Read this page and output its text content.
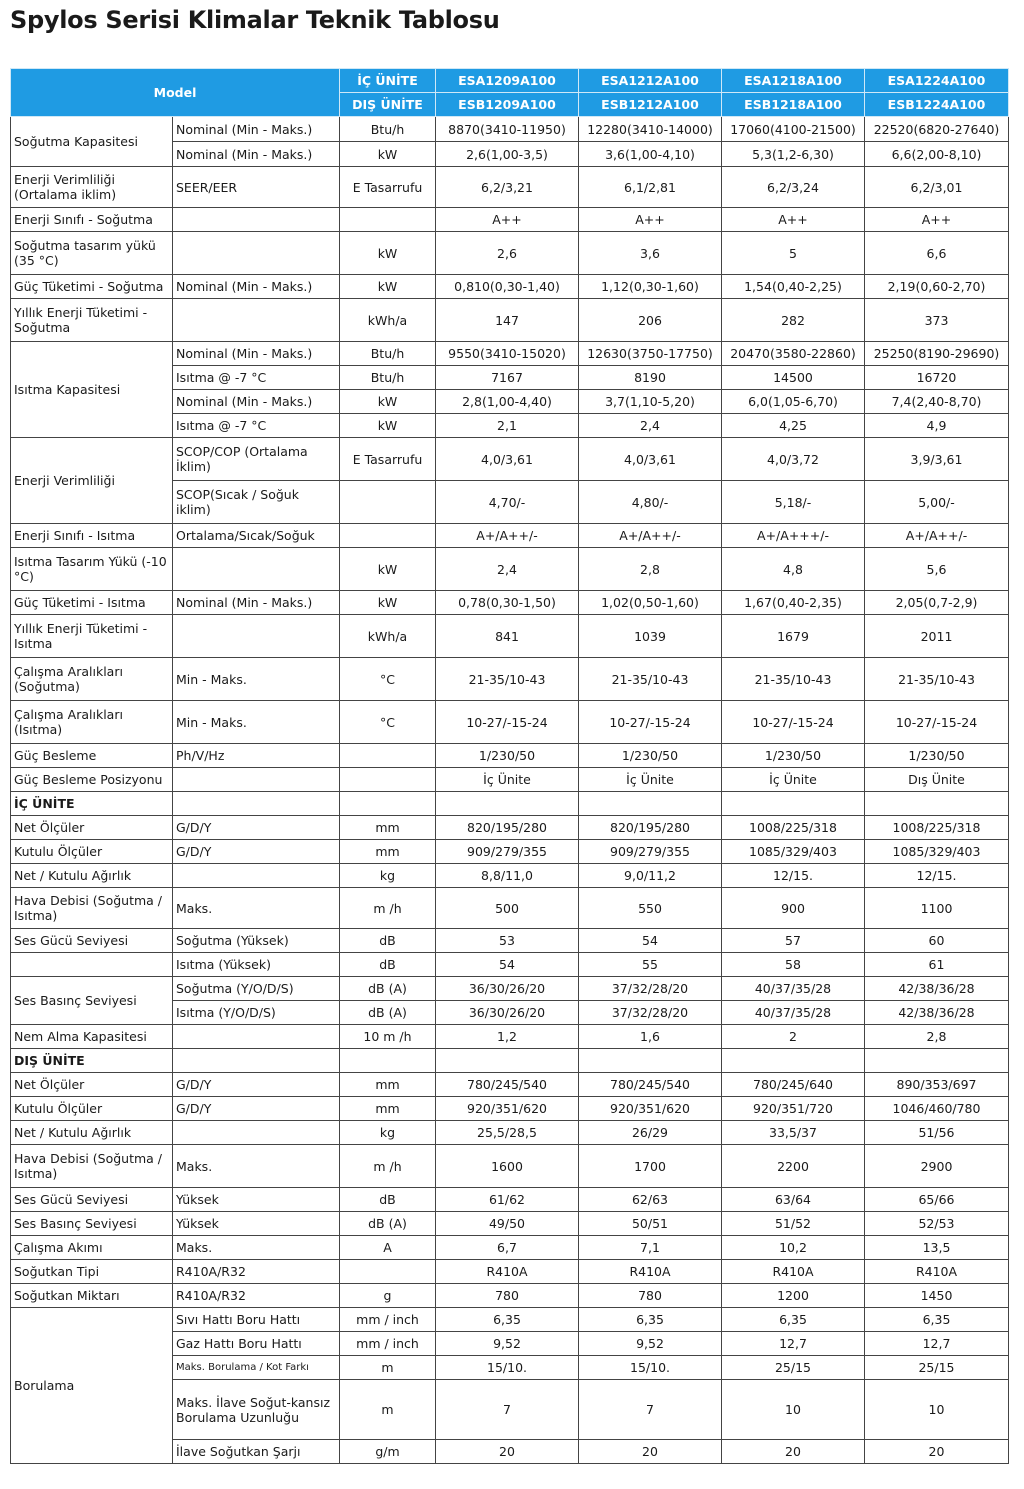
Spylos Serisi Klimalar Teknik Tablosu
Model		İÇ ÜNİTE	ESA1209A100	ESA1212A100	ESA1218A100	ESA1224A100
		DIŞ ÜNİTE	ESB1209A100	ESB1212A100	ESB1218A100	ESB1224A100
Soğutma Kapasitesi	Nominal (Min - Maks.)	Btu/h	8870(3410-11950)	12280(3410-14000)	17060(4100-21500)	22520(6820-27640)
	Nominal (Min - Maks.)	kW	2,6(1,00-3,5)	3,6(1,00-4,10)	5,3(1,2-6,30)	6,6(2,00-8,10)
Enerji Verimliliği (Ortalama iklim)	SEER/EER	E Tasarrufu	6,2/3,21	6,1/2,81	6,2/3,24	6,2/3,01
Enerji Sınıfı - Soğutma			A++	A++	A++	A++
Soğutma tasarım yükü (35 °C)		kW	2,6	3,6	5	6,6
Güç Tüketimi - Soğutma	Nominal (Min - Maks.)	kW	0,810(0,30-1,40)	1,12(0,30-1,60)	1,54(0,40-2,25)	2,19(0,60-2,70)
Yıllık Enerji Tüketimi - Soğutma		kWh/a	147	206	282	373
Isıtma Kapasitesi	Nominal (Min - Maks.)	Btu/h	9550(3410-15020)	12630(3750-17750)	20470(3580-22860)	25250(8190-29690)
	Isıtma @ -7 °C	Btu/h	7167	8190	14500	16720
	Nominal (Min - Maks.)	kW	2,8(1,00-4,40)	3,7(1,10-5,20)	6,0(1,05-6,70)	7,4(2,40-8,70)
	Isıtma @ -7 °C	kW	2,1	2,4	4,25	4,9
Enerji Verimliliği	SCOP/COP (Ortalama İklim)	E Tasarrufu	4,0/3,61	4,0/3,61	4,0/3,72	3,9/3,61
	SCOP(Sıcak / Soğuk iklim)		4,70/-	4,80/-	5,18/-	5,00/-
Enerji Sınıfı - Isıtma	Ortalama/Sıcak/Soğuk		A+/A++/-	A+/A++/-	A+/A+++/-	A+/A++/-
Isıtma Tasarım Yükü (-10 °C)		kW	2,4	2,8	4,8	5,6
Güç Tüketimi - Isıtma	Nominal (Min - Maks.)	kW	0,78(0,30-1,50)	1,02(0,50-1,60)	1,67(0,40-2,35)	2,05(0,7-2,9)
Yıllık Enerji Tüketimi - Isıtma		kWh/a	841	1039	1679	2011
Çalışma Aralıkları (Soğutma)	Min - Maks.	°C	21-35/10-43	21-35/10-43	21-35/10-43	21-35/10-43
Çalışma Aralıkları (Isıtma)	Min - Maks.	°C	10-27/-15-24	10-27/-15-24	10-27/-15-24	10-27/-15-24
Güç Besleme	Ph/V/Hz		1/230/50	1/230/50	1/230/50	1/230/50
Güç Besleme Posizyonu			İç Ünite	İç Ünite	İç Ünite	Dış Ünite
İÇ ÜNİTE						
Net Ölçüler	G/D/Y	mm	820/195/280	820/195/280	1008/225/318	1008/225/318
Kutulu Ölçüler	G/D/Y	mm	909/279/355	909/279/355	1085/329/403	1085/329/403
Net / Kutulu Ağırlık		kg	8,8/11,0	9,0/11,2	12/15.	12/15.
Hava Debisi (Soğutma / Isıtma)	Maks.	m /h	500	550	900	1100
Ses Gücü Seviyesi	Soğutma (Yüksek)	dB	53	54	57	60
	Isıtma (Yüksek)	dB	54	55	58	61
Ses Basınç Seviyesi	Soğutma (Y/O/D/S)	dB (A)	36/30/26/20	37/32/28/20	40/37/35/28	42/38/36/28
	Isıtma (Y/O/D/S)	dB (A)	36/30/26/20	37/32/28/20	40/37/35/28	42/38/36/28
Nem Alma Kapasitesi		10 m /h	1,2	1,6	2	2,8
DIŞ ÜNİTE						
Net Ölçüler	G/D/Y	mm	780/245/540	780/245/540	780/245/640	890/353/697
Kutulu Ölçüler	G/D/Y	mm	920/351/620	920/351/620	920/351/720	1046/460/780
Net / Kutulu Ağırlık		kg	25,5/28,5	26/29	33,5/37	51/56
Hava Debisi (Soğutma / Isıtma)	Maks.	m /h	1600	1700	2200	2900
Ses Gücü Seviyesi	Yüksek	dB	61/62	62/63	63/64	65/66
Ses Basınç Seviyesi	Yüksek	dB (A)	49/50	50/51	51/52	52/53
Çalışma Akımı	Maks.	A	6,7	7,1	10,2	13,5
Soğutkan Tipi	R410A/R32		R410A	R410A	R410A	R410A
Soğutkan Miktarı	R410A/R32	g	780	780	1200	1450
Borulama	Sıvı Hattı Boru Hattı	mm / inch	6,35	6,35	6,35	6,35
	Gaz Hattı Boru Hattı	mm / inch	9,52	9,52	12,7	12,7
	Maks. Borulama / Kot Farkı	m	15/10.	15/10.	25/15	25/15
	Maks. İlave Soğut-kansız Borulama Uzunluğu	m	7	7	10	10
	İlave Soğutkan Şarjı	g/m	20	20	20	20
